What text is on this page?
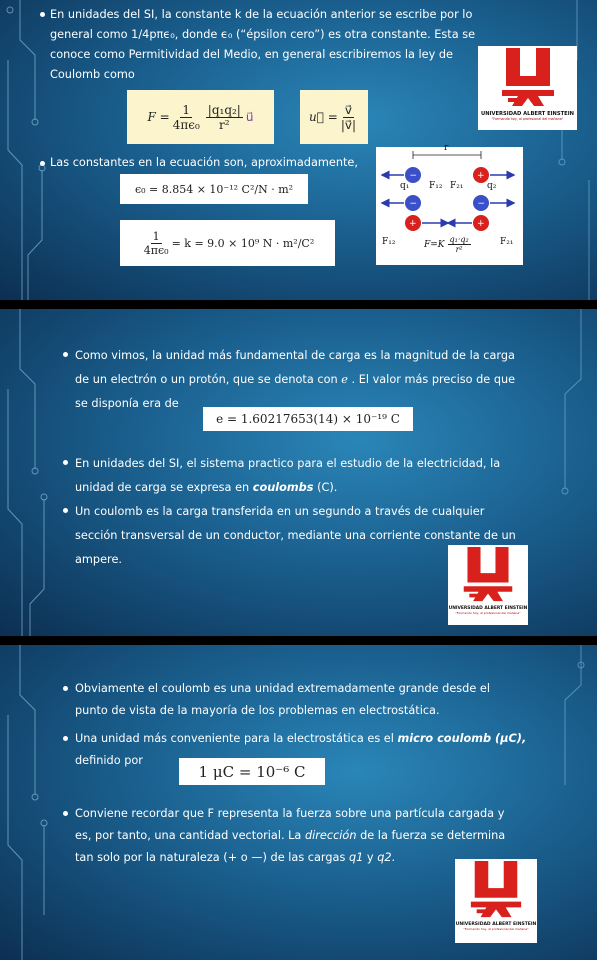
En unidades del SI, la constante k de la ecuación anterior se escribe por lo
general como 1/4pπϵ₀, donde ϵ₀ (“épsilon cero”) es otra constante. Esta se
conoce como Permitividad del Medio, en general escribiremos la ley de
Coulomb como
$F = \frac{1}{\text{4πϵ₀}} \frac{\text{|q₁q₂|}}{\text{r²}}$ u⃗	u⃗ = $\frac{v⃗}{|v⃗|}$	UNIVERSIDAD ALBERT EINSTEIN
"Formando hoy, al profesional del mañana"
Las constantes en la ecuación son, aproximadamente,
ϵ₀ = 8.854 × 10⁻¹² C²/N · m²
$\frac{1}{\text{4πϵ₀}} = k = 9.0 \times 10^9$ N · m²/C²
−	+
−	−
+	+
r
q₁ F₁₂ F₂₁	q₂
F₁₂	F₂₁
$F=K \frac{\text{q₁·q₂}}{\text{r²}}$
Como vimos, la unidad más fundamental de carga es la magnitud de la carga
de un electrón o un protón, que se denota con ℯ . El valor más preciso de que
se disponía era de
e = 1.60217653(14) × 10⁻¹⁹ C
En unidades del SI, el sistema practico para el estudio de la electricidad, la
unidad de carga se expresa en coulombs (C).
Un coulomb es la carga transferida en un segundo a través de cualquier
sección transversal de un conductor, mediante una corriente constante de un
ampere.
UNIVERSIDAD ALBERT EINSTEIN
"Formando hoy, al profesional del mañana"
Obviamente el coulomb es una unidad extremadamente grande desde el
punto de vista de la mayoría de los problemas en electrostática.
Una unidad más conveniente para la electrostática es el micro coulomb (μC),
definido por
1 μC = 10⁻⁶ C
Conviene recordar que F representa la fuerza sobre una partícula cargada y
es, por tanto, una cantidad vectorial. La dirección de la fuerza se determina
tan solo por la naturaleza (+ o —) de las cargas q1 y q2.
UNIVERSIDAD ALBERT EINSTEIN
"Formando hoy, al profesional del mañana"
